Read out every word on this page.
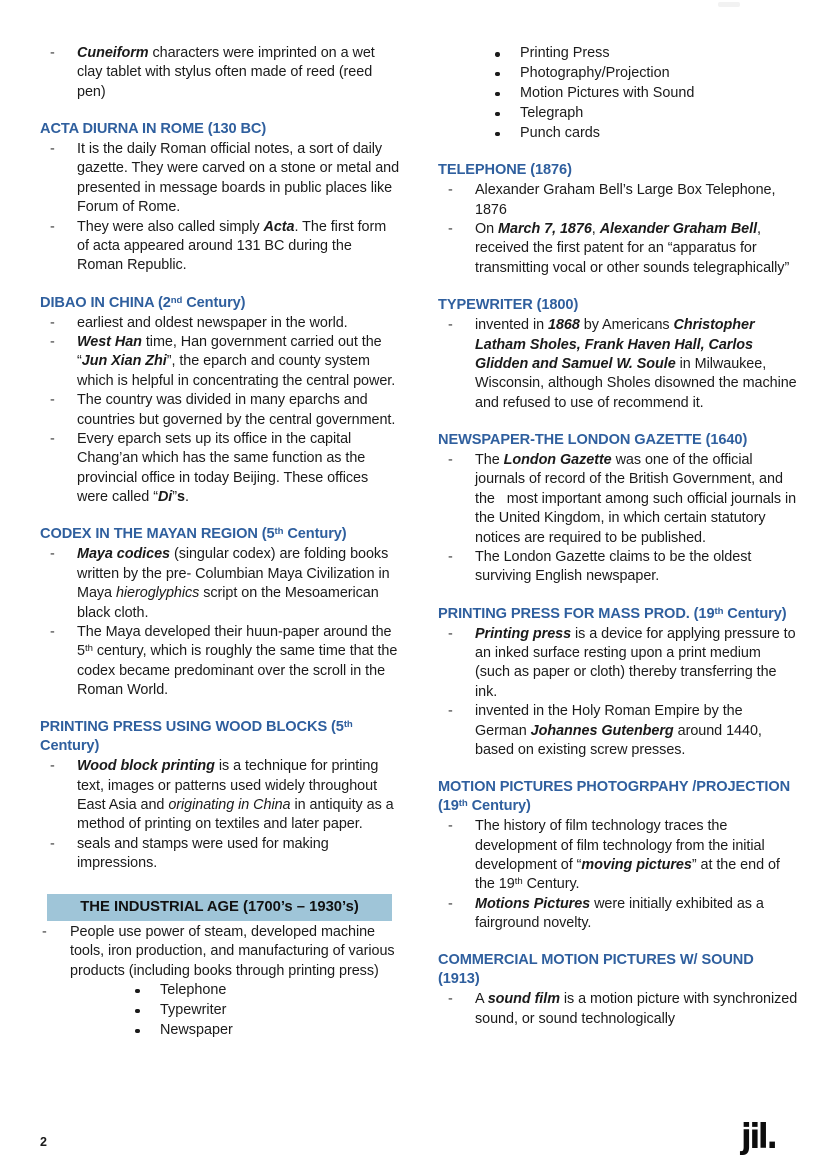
- Cuneiform characters were imprinted on a wet clay tablet with stylus often made of reed (reed pen)
ACTA DIURNA IN ROME (130 BC)
- It is the daily Roman official notes, a sort of daily gazette. They were carved on a stone or metal and presented in message boards in public places like Forum of Rome.
- They were also called simply Acta. The first form of acta appeared around 131 BC during the Roman Republic.
DIBAO IN CHINA (2nd Century)
- earliest and oldest newspaper in the world.
- West Han time, Han government carried out the “Jun Xian Zhi”, the eparch and county system which is helpful in concentrating the central power.
- The country was divided in many eparchs and countries but governed by the central government.
- Every eparch sets up its office in the capital Chang’an which has the same function as the provincial office in today Beijing. These offices were called “Di”s.
CODEX IN THE MAYAN REGION (5th Century)
- Maya codices (singular codex) are folding books written by the pre- Columbian Maya Civilization in Maya hieroglyphics script on the Mesoamerican black cloth.
- The Maya developed their huun-paper around the 5th century, which is roughly the same time that the codex became predominant over the scroll in the Roman World.
PRINTING PRESS USING WOOD BLOCKS (5th Century)
- Wood block printing is a technique for printing text, images or patterns used widely throughout East Asia and originating in China in antiquity as a method of printing on textiles and later paper.
- seals and stamps were used for making impressions.
THE INDUSTRIAL AGE (1700’s – 1930’s)
- People use power of steam, developed machine tools, iron production, and manufacturing of various products (including books through printing press)
Telephone
Typewriter
Newspaper
Printing Press
Photography/Projection
Motion Pictures with Sound
Telegraph
Punch cards
TELEPHONE (1876)
- Alexander Graham Bell’s Large Box Telephone, 1876
- On March 7, 1876, Alexander Graham Bell, received the first patent for an “apparatus for transmitting vocal or other sounds telegraphically”
TYPEWRITER (1800)
- invented in 1868 by Americans Christopher Latham Sholes, Frank Haven Hall, Carlos Glidden and Samuel W. Soule in Milwaukee, Wisconsin, although Sholes disowned the machine and refused to use of recommend it.
NEWSPAPER-THE LONDON GAZETTE (1640)
- The London Gazette was one of the official journals of record of the British Government, and the   most important among such official journals in the United Kingdom, in which certain statutory notices are required to be published.
- The London Gazette claims to be the oldest surviving English newspaper.
PRINTING PRESS FOR MASS PROD. (19th Century)
- Printing press is a device for applying pressure to an inked surface resting upon a print medium (such as paper or cloth) thereby transferring the ink.
- invented in the Holy Roman Empire by the German Johannes Gutenberg around 1440, based on existing screw presses.
MOTION PICTURES PHOTOGRPAHY /PROJECTION (19th Century)
- The history of film technology traces the development of film technology from the initial development of “moving pictures” at the end of the 19th Century.
- Motions Pictures were initially exhibited as a fairground novelty.
COMMERCIAL MOTION PICTURES W/ SOUND (1913)
- A sound film is a motion picture with synchronized sound, or sound technologically
2	jil.
